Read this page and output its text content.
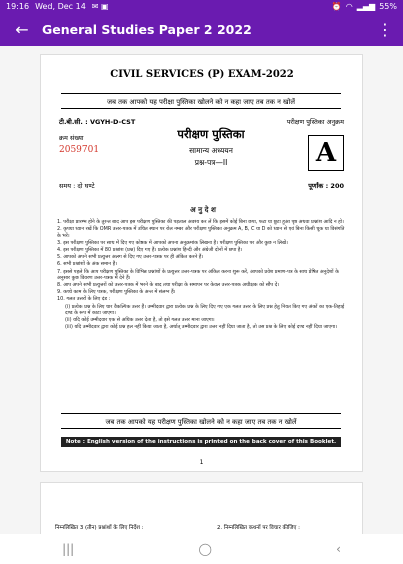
19:16 Wed, Dec 14 ✉ ▣	⏰ ◠ ▂▄▆ 55%
←	General Studies Paper 2 2022	⋮
CIVIL SERVICES (P) EXAM-2022
जब तक आपको यह परीक्षा पुस्तिका खोलने को न कहा जाए तब तक न खोलें
टी.बी.सी. : VGYH-D-CST	परीक्षण पुस्तिका अनुक्रम
क्रम संख्या
2059701
परीक्षण पुस्तिका
सामान्य अध्ययन
प्रश्न-पत्र—II	A
समय : दो घण्टे	पूर्णांक : 200
अ नु दे श
1. परीक्षा प्रारम्भ होने के तुरन्त बाद आप इस परीक्षण पुस्तिका की पड़ताल अवश्य कर लें कि इसमें कोई बिना छपा, फटा या छूटा हुआ पृष्ठ अथवा प्रश्नांश आदि न हो।
2. कृपया ध्यान रखें कि OMR उत्तर-पत्रक में उचित स्थान पर रोल नम्बर और परीक्षण पुस्तिका अनुक्रम A, B, C या D को ध्यान से एवं बिना किसी चूक या विसंगति के भरें।
3. इस परीक्षण पुस्तिका पर साथ में दिए गए कोष्ठक में आपको अपना अनुक्रमांक लिखना है। परीक्षण पुस्तिका पर और कुछ न लिखें।
4. इस परीक्षण पुस्तिका में 80 प्रश्नांश (प्रश्न) दिए गए हैं। प्रत्येक प्रश्नांश हिन्दी और अंग्रेजी दोनों में छपा है।
5. आपको अपने सभी प्रत्युत्तर अलग से दिए गए उत्तर-पत्रक पर ही अंकित करने हैं।
6. सभी प्रश्नांशों के अंक समान हैं।
7. इससे पहले कि आप परीक्षण पुस्तिका के विभिन्न प्रश्नांशों के प्रत्युत्तर उत्तर-पत्रक पर अंकित करना शुरू करें, आपको प्रवेश प्रमाण-पत्र के साथ प्रेषित अनुदेशों के अनुसार कुछ विवरण उत्तर-पत्रक में देने हैं।
8. आप अपने सभी प्रत्युत्तरों को उत्तर-पत्रक में भरने के बाद तथा परीक्षा के समापन पर केवल उत्तर-पत्रक अधीक्षक को सौंप दें।
9. कच्चे काम के लिए पत्रक, परीक्षण पुस्तिका के अन्त में संलग्न हैं।
10. गलत उत्तरों के लिए दंड :
(i) प्रत्येक प्रश्न के लिए चार वैकल्पिक उत्तर हैं। उम्मीदवार द्वारा प्रत्येक प्रश्न के लिए दिए गए एक गलत उत्तर के लिए प्रश्न हेतु नियत किए गए अंकों का एक-तिहाई दण्ड के रूप में काटा जाएगा।
(ii) यदि कोई उम्मीदवार एक से अधिक उत्तर देता है, तो इसे गलत उत्तर माना जाएगा।
(iii) यदि उम्मीदवार द्वारा कोई प्रश्न हल नहीं किया जाता है, अर्थात् उम्मीदवार द्वारा उत्तर नहीं दिया जाता है, तो उस प्रश्न के लिए कोई दण्ड नहीं दिया जाएगा।
जब तक आपको यह परीक्षण पुस्तिका खोलने को न कहा जाए तब तक न खोलें
Note : English version of the instructions is printed on the back cover of this Booklet.
1
निम्नलिखित 3 (तीन) प्रश्नांशों के लिए निर्देश :	2. निम्नलिखित कथनों पर विचार कीजिए :
|||	◯	‹
